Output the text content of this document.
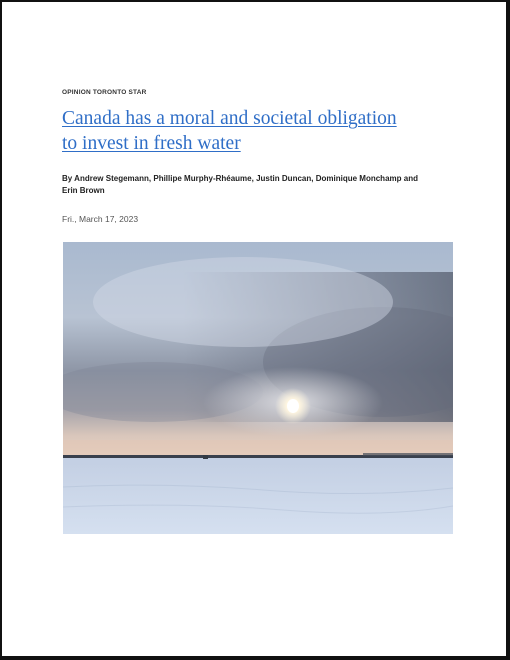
OPINION TORONTO STAR
Canada has a moral and societal obligation
to invest in fresh water
By Andrew Stegemann, Phillipe Murphy-Rhéaume, Justin Duncan, Dominique Monchamp and Erin Brown
Fri., March 17, 2023
